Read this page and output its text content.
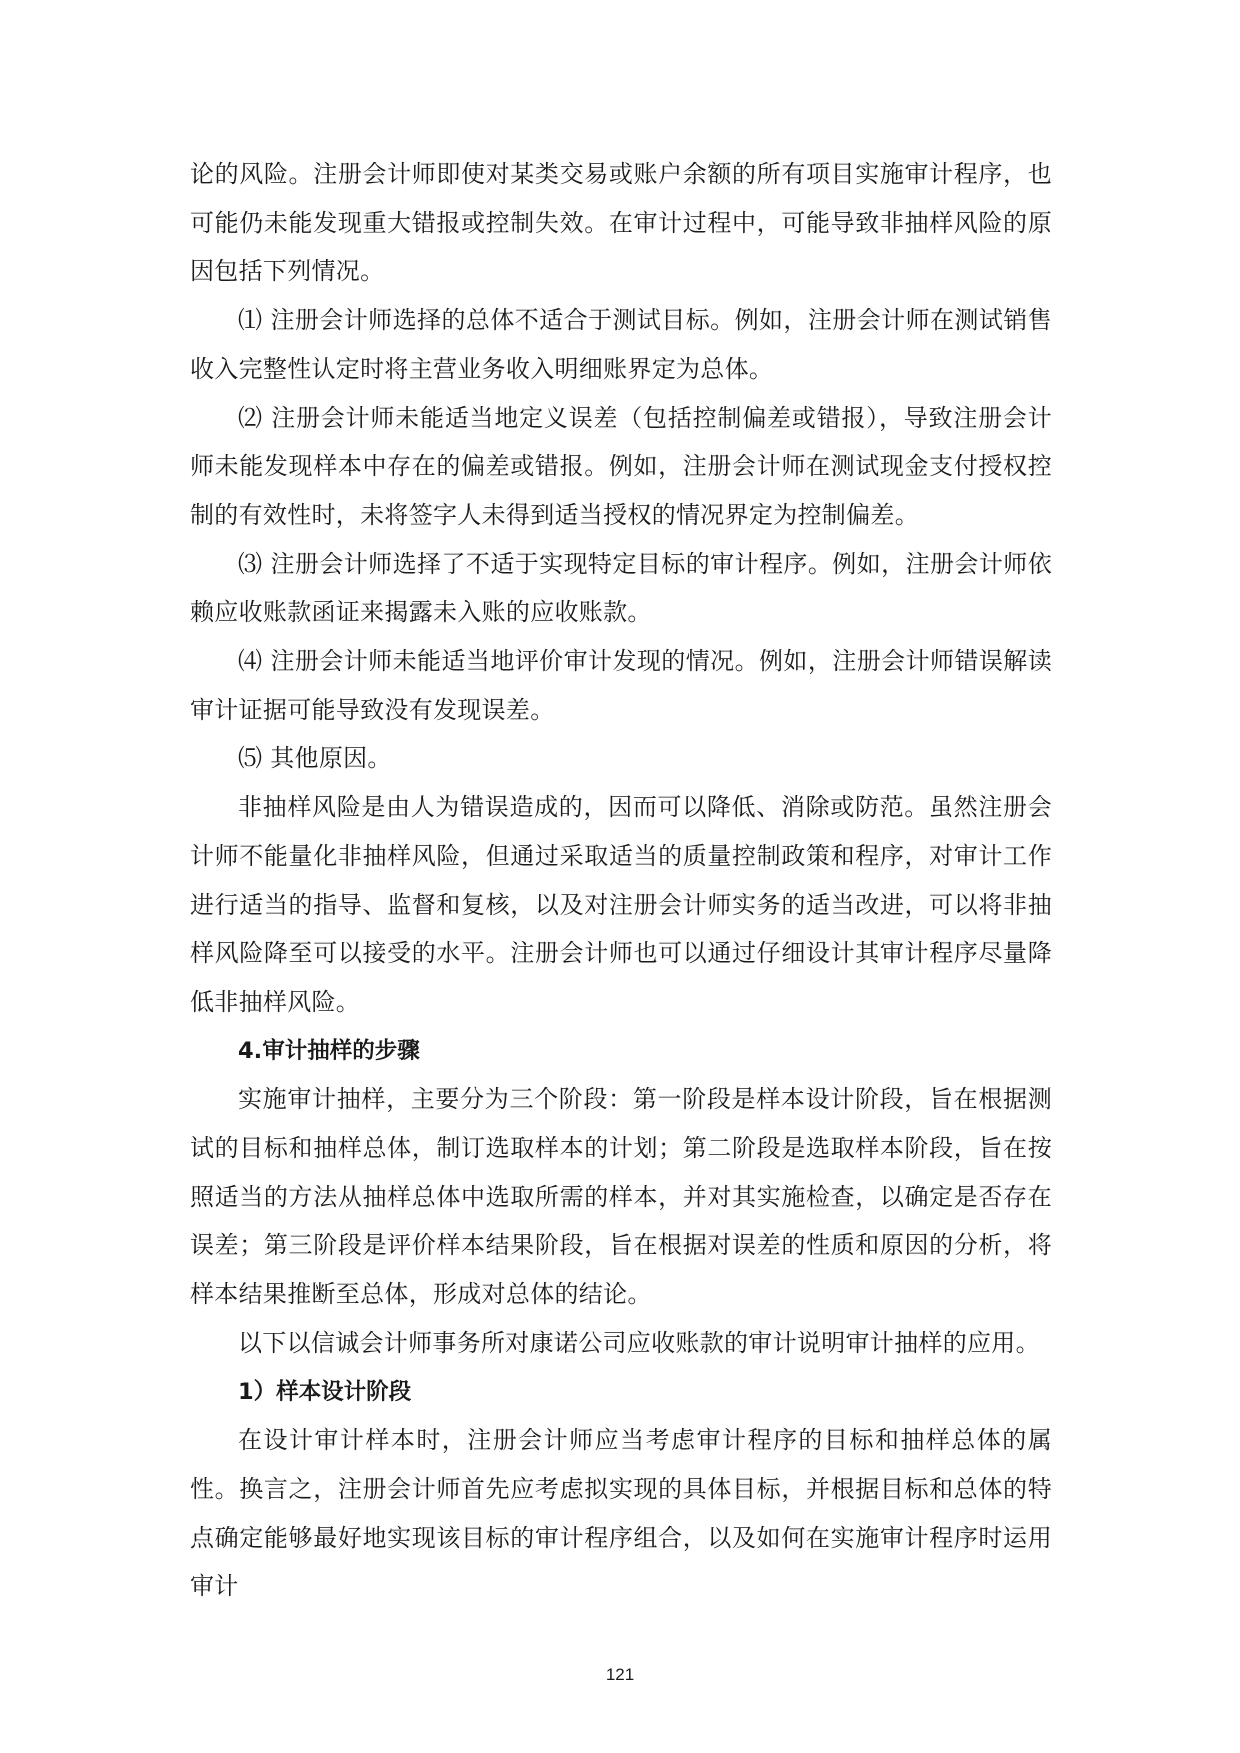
论的风险。注册会计师即使对某类交易或账户余额的所有项目实施审计程序，也可能仍未能发现重大错报或控制失效。在审计过程中，可能导致非抽样风险的原因包括下列情况。

⑴ 注册会计师选择的总体不适合于测试目标。例如，注册会计师在测试销售收入完整性认定时将主营业务收入明细账界定为总体。

⑵ 注册会计师未能适当地定义误差（包括控制偏差或错报），导致注册会计师未能发现样本中存在的偏差或错报。例如，注册会计师在测试现金支付授权控制的有效性时，未将签字人未得到适当授权的情况界定为控制偏差。

⑶ 注册会计师选择了不适于实现特定目标的审计程序。例如，注册会计师依赖应收账款函证来揭露未入账的应收账款。

⑷ 注册会计师未能适当地评价审计发现的情况。例如，注册会计师错误解读审计证据可能导致没有发现误差。

⑸ 其他原因。

非抽样风险是由人为错误造成的，因而可以降低、消除或防范。虽然注册会计师不能量化非抽样风险，但通过采取适当的质量控制政策和程序，对审计工作进行适当的指导、监督和复核，以及对注册会计师实务的适当改进，可以将非抽样风险降至可以接受的水平。注册会计师也可以通过仔细设计其审计程序尽量降低非抽样风险。

4.审计抽样的步骤

实施审计抽样，主要分为三个阶段：第一阶段是样本设计阶段，旨在根据测试的目标和抽样总体，制订选取样本的计划；第二阶段是选取样本阶段，旨在按照适当的方法从抽样总体中选取所需的样本，并对其实施检查，以确定是否存在误差；第三阶段是评价样本结果阶段，旨在根据对误差的性质和原因的分析，将样本结果推断至总体，形成对总体的结论。

以下以信诚会计师事务所对康诺公司应收账款的审计说明审计抽样的应用。

1）样本设计阶段

在设计审计样本时，注册会计师应当考虑审计程序的目标和抽样总体的属性。换言之，注册会计师首先应考虑拟实现的具体目标，并根据目标和总体的特点确定能够最好地实现该目标的审计程序组合，以及如何在实施审计程序时运用审计

121
